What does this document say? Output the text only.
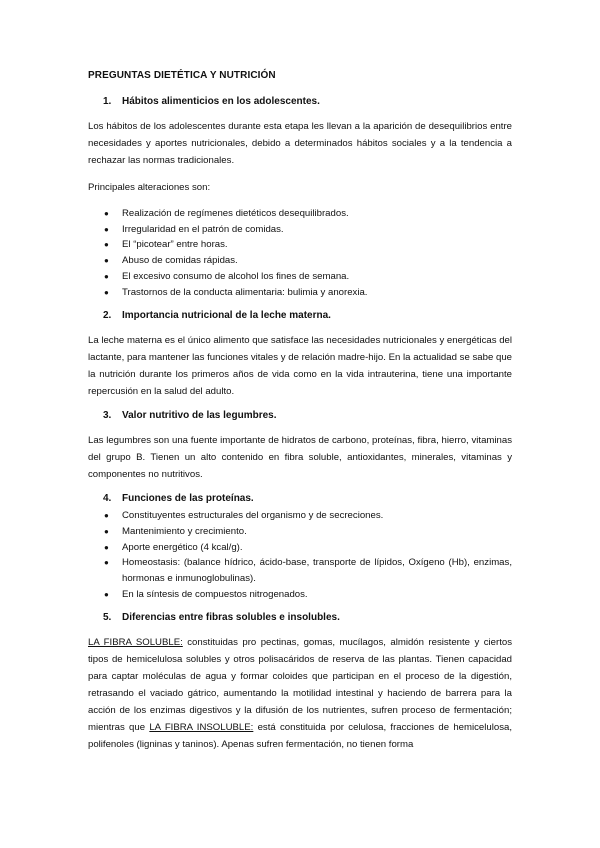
PREGUNTAS DIETÉTICA Y NUTRICIÓN
1.	Hábitos alimenticios en los adolescentes.

Los hábitos de los adolescentes durante esta etapa les llevan a la aparición de desequilibrios entre necesidades y aportes nutricionales, debido a determinados hábitos sociales y a la tendencia a rechazar las normas tradicionales.

Principales alteraciones son:

●	Realización de regímenes dietéticos desequilibrados.
●	Irregularidad en el patrón de comidas.
●	El “picotear” entre horas.
●	Abuso de comidas rápidas.
●	El excesivo consumo de alcohol los fines de semana.
●	Trastornos de la conducta alimentaria: bulimia y anorexia.
2.	Importancia nutricional de la leche materna.

La leche materna es el único alimento que satisface las necesidades nutricionales y energéticas del lactante, para mantener las funciones vitales y de relación madre-hijo. En la actualidad se sabe que la nutrición durante los primeros años de vida como en la vida intrauterina, tiene una importante repercusión en la salud del adulto.

3.	Valor nutritivo de las legumbres.

Las legumbres son una fuente importante de hidratos de carbono, proteínas, fibra, hierro, vitaminas del grupo B. Tienen un alto contenido en fibra soluble, antioxidantes, minerales, vitaminas y componentes no nutritivos.

4.	Funciones de las proteínas.
●	Constituyentes estructurales del organismo y de secreciones.
●	Mantenimiento y crecimiento.
●	Aporte energético (4 kcal/g).
●	Homeostasis: (balance hídrico, ácido-base, transporte de lípidos, Oxígeno (Hb), enzimas, hormonas e inmunoglobulinas).
●	En la síntesis de compuestos nitrogenados.
5.	Diferencias entre fibras solubles e insolubles.

LA FIBRA SOLUBLE: constituidas pro pectinas, gomas, mucílagos, almidón resistente y ciertos tipos de hemicelulosa solubles y otros polisacáridos de reserva de las plantas. Tienen capacidad para captar moléculas de agua y formar coloides que participan en el proceso de la digestión, retrasando el vaciado gátrico, aumentando la motilidad intestinal y haciendo de barrera para la acción de los enzimas digestivos y la difusión de los nutrientes, sufren proceso de fermentación; mientras que LA FIBRA INSOLUBLE: está constituida por celulosa, fracciones de hemicelulosa, polifenoles (ligninas y taninos). Apenas sufren fermentación, no tienen forma
